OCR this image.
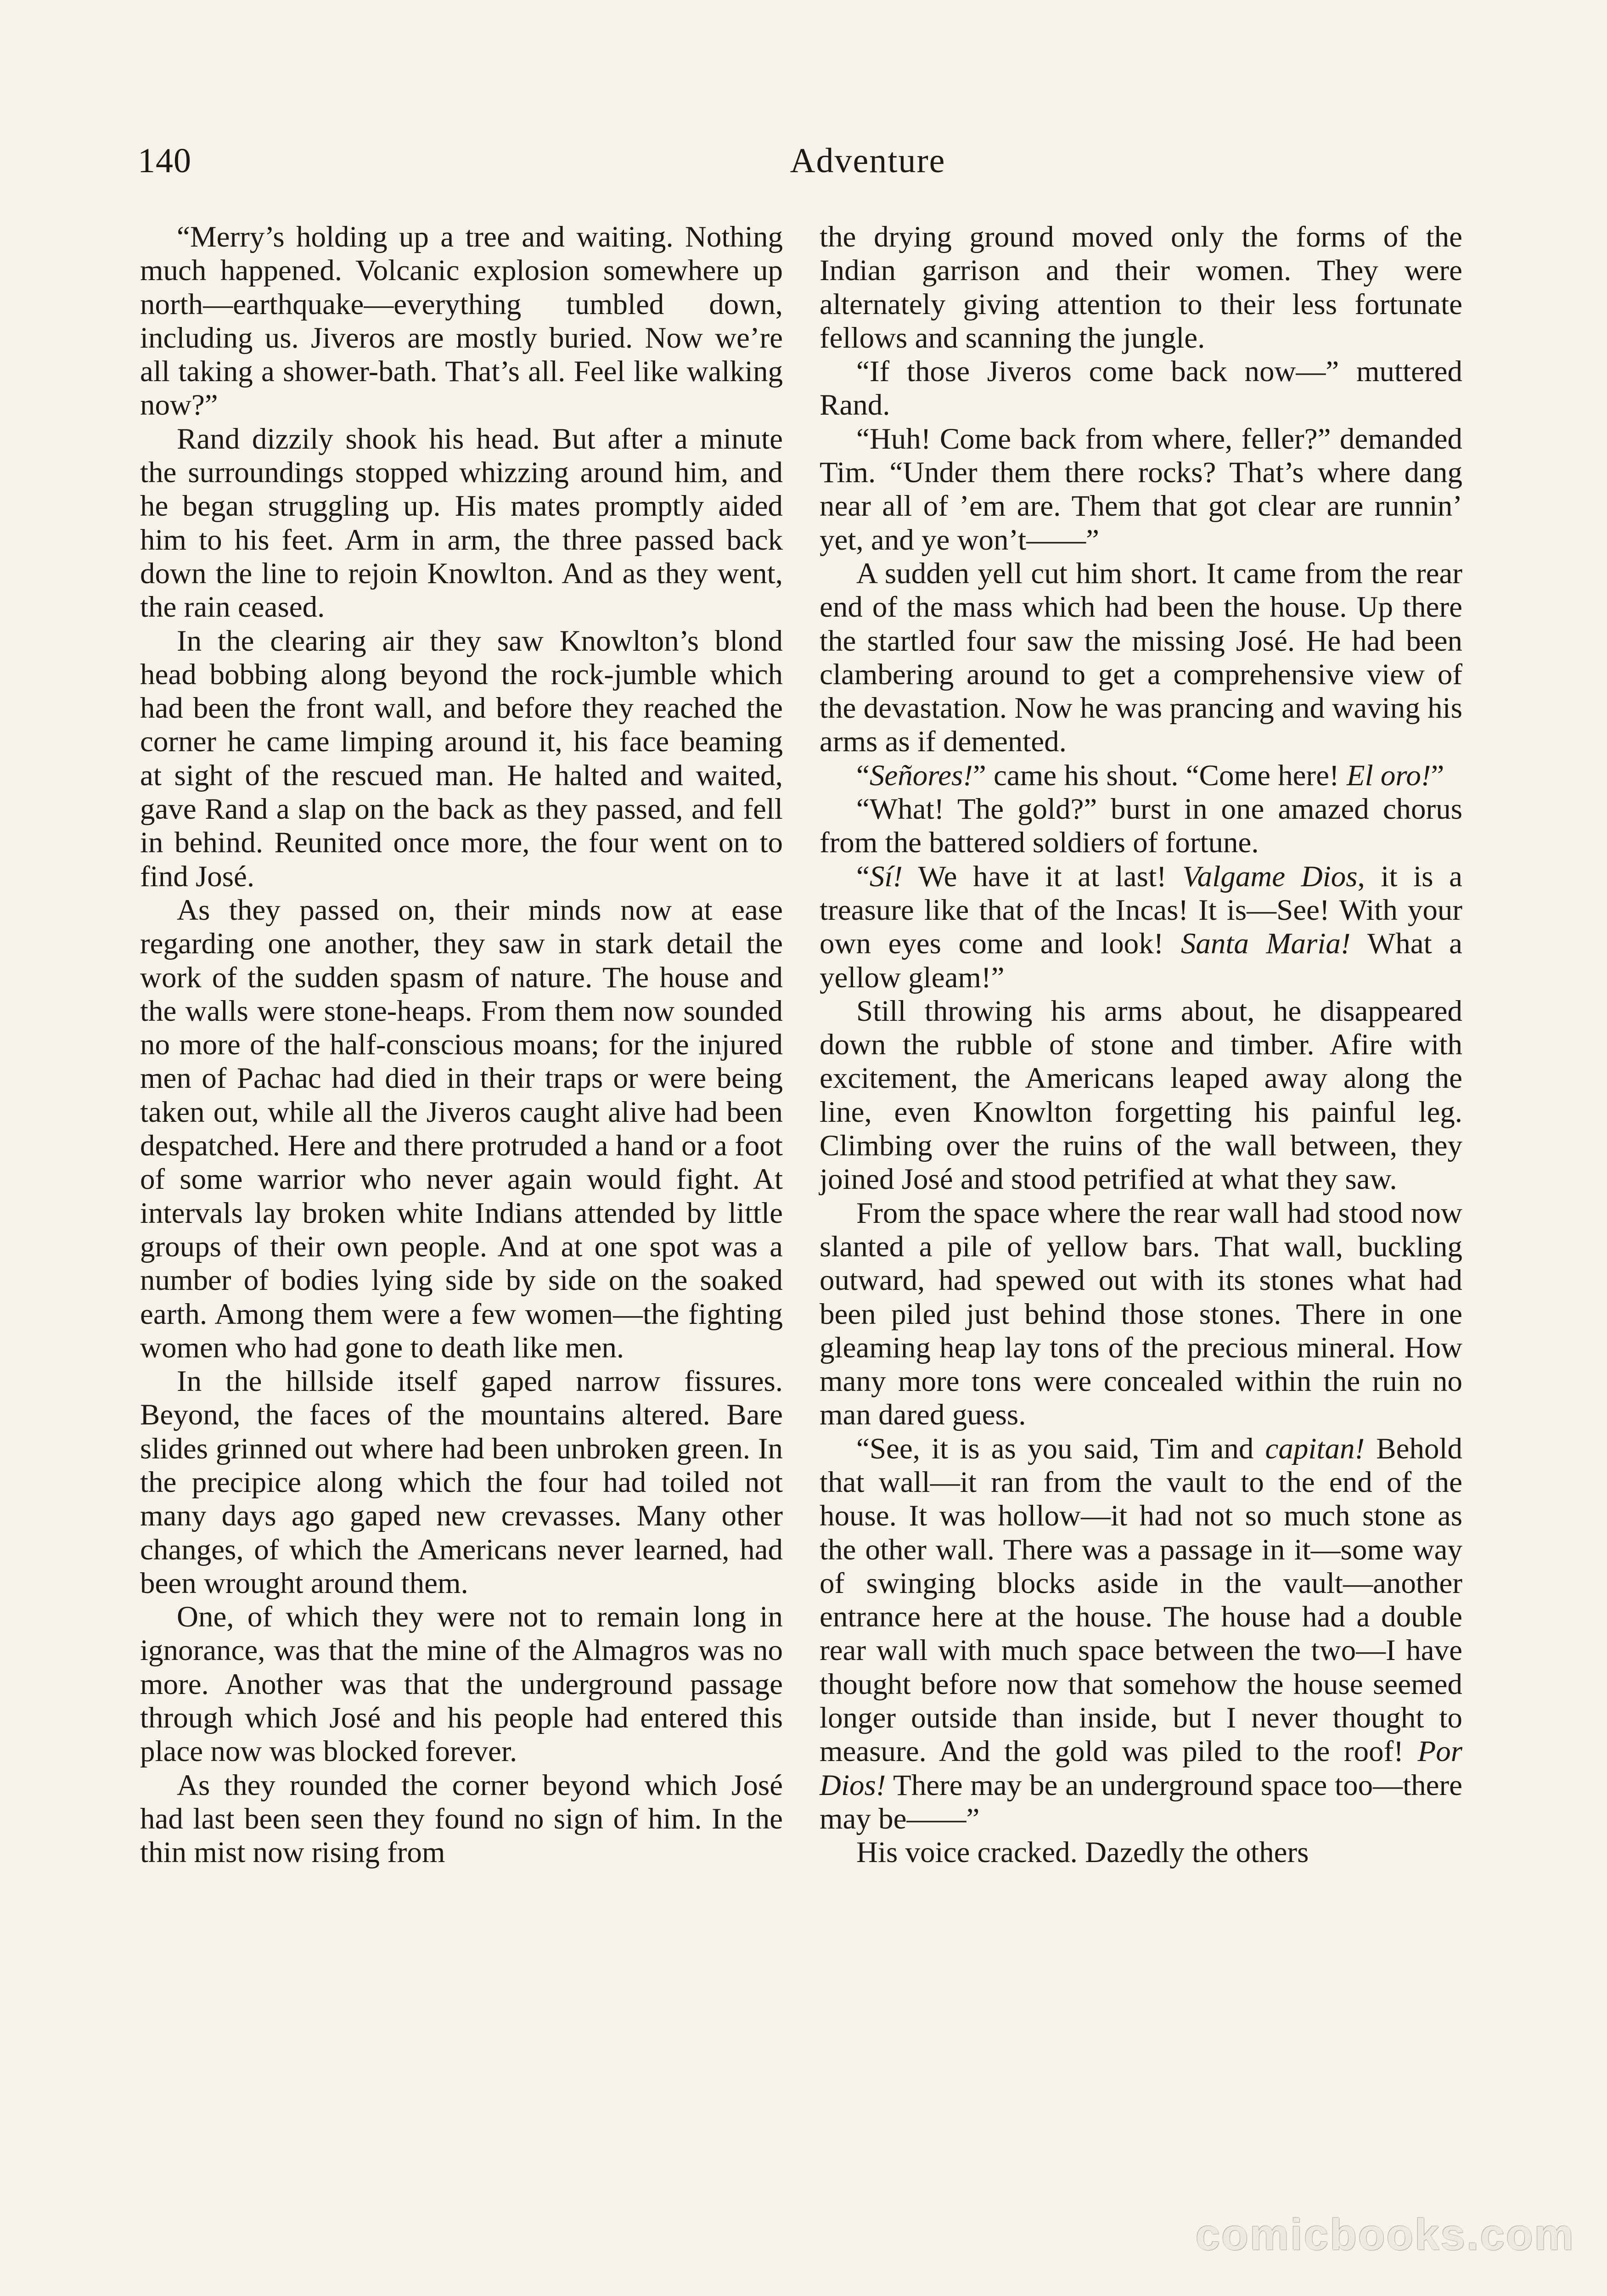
140	Adventure

“Merry’s holding up a tree and waiting. Nothing much happened. Volcanic explosion somewhere up north—earthquake—everything tumbled down, including us. Jiveros are mostly buried. Now we’re all taking a shower-bath. That’s all. Feel like walking now?”

Rand dizzily shook his head. But after a minute the surroundings stopped whizzing around him, and he began struggling up. His mates promptly aided him to his feet. Arm in arm, the three passed back down the line to rejoin Knowlton. And as they went, the rain ceased.

In the clearing air they saw Knowlton’s blond head bobbing along beyond the rock-jumble which had been the front wall, and before they reached the corner he came limping around it, his face beaming at sight of the rescued man. He halted and waited, gave Rand a slap on the back as they passed, and fell in behind. Reunited once more, the four went on to find José.

As they passed on, their minds now at ease regarding one another, they saw in stark detail the work of the sudden spasm of nature. The house and the walls were stone-heaps. From them now sounded no more of the half-conscious moans; for the injured men of Pachac had died in their traps or were being taken out, while all the Jiveros caught alive had been despatched. Here and there protruded a hand or a foot of some warrior who never again would fight. At intervals lay broken white Indians attended by little groups of their own people. And at one spot was a number of bodies lying side by side on the soaked earth. Among them were a few women—the fighting women who had gone to death like men.

In the hillside itself gaped narrow fissures. Beyond, the faces of the mountains altered. Bare slides grinned out where had been unbroken green. In the precipice along which the four had toiled not many days ago gaped new crevasses. Many other changes, of which the Americans never learned, had been wrought around them.

One, of which they were not to remain long in ignorance, was that the mine of the Almagros was no more. Another was that the underground passage through which José and his people had entered this place now was blocked forever.

As they rounded the corner beyond which José had last been seen they found no sign of him. In the thin mist now rising from

the drying ground moved only the forms of the Indian garrison and their women. They were alternately giving attention to their less fortunate fellows and scanning the jungle.

“If those Jiveros come back now—” muttered Rand.

“Huh! Come back from where, feller?” demanded Tim. “Under them there rocks? That’s where dang near all of ’em are. Them that got clear are runnin’ yet, and ye won’t——”

A sudden yell cut him short. It came from the rear end of the mass which had been the house. Up there the startled four saw the missing José. He had been clambering around to get a comprehensive view of the devastation. Now he was prancing and waving his arms as if demented.

“Señores!” came his shout. “Come here! El oro!”

“What! The gold?” burst in one amazed chorus from the battered soldiers of fortune.

“Sí! We have it at last! Valgame Dios, it is a treasure like that of the Incas! It is—See! With your own eyes come and look! Santa Maria! What a yellow gleam!”

Still throwing his arms about, he disappeared down the rubble of stone and timber. Afire with excitement, the Americans leaped away along the line, even Knowlton forgetting his painful leg. Climbing over the ruins of the wall between, they joined José and stood petrified at what they saw.

From the space where the rear wall had stood now slanted a pile of yellow bars. That wall, buckling outward, had spewed out with its stones what had been piled just behind those stones. There in one gleaming heap lay tons of the precious mineral. How many more tons were concealed within the ruin no man dared guess.

“See, it is as you said, Tim and capitan! Behold that wall—it ran from the vault to the end of the house. It was hollow—it had not so much stone as the other wall. There was a passage in it—some way of swinging blocks aside in the vault—another entrance here at the house. The house had a double rear wall with much space between the two—I have thought before now that somehow the house seemed longer outside than inside, but I never thought to measure. And the gold was piled to the roof! Por Dios! There may be an underground space too—there may be——”

His voice cracked. Dazedly the others

comicbooks.com
